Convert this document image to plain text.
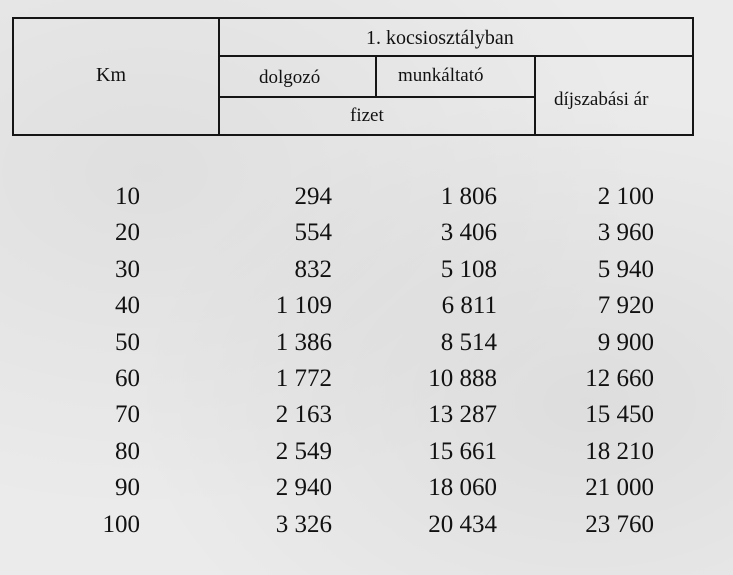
Km
1. kocsiosztályban
dolgozó	munkáltató
fizet
díjszabási ár
10	294	1 806	2 100	
20	554	3 406	3 960	
30	832	5 108	5 940	
40	1 109	6 811	7 920	
50	1 386	8 514	9 900	
60	1 772	10 888	12 660	
70	2 163	13 287	15 450	
80	2 549	15 661	18 210	
90	2 940	18 060	21 000	
100	3 326	20 434	23 760	
